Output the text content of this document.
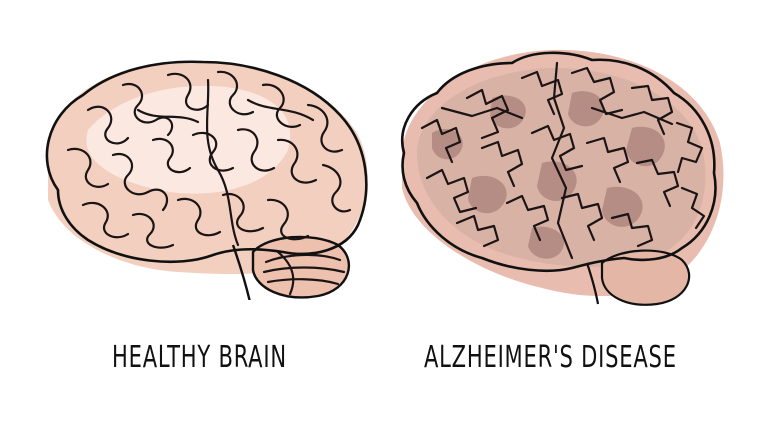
HEALTHY BRAIN	ALZHEIMER'S DISEASE
